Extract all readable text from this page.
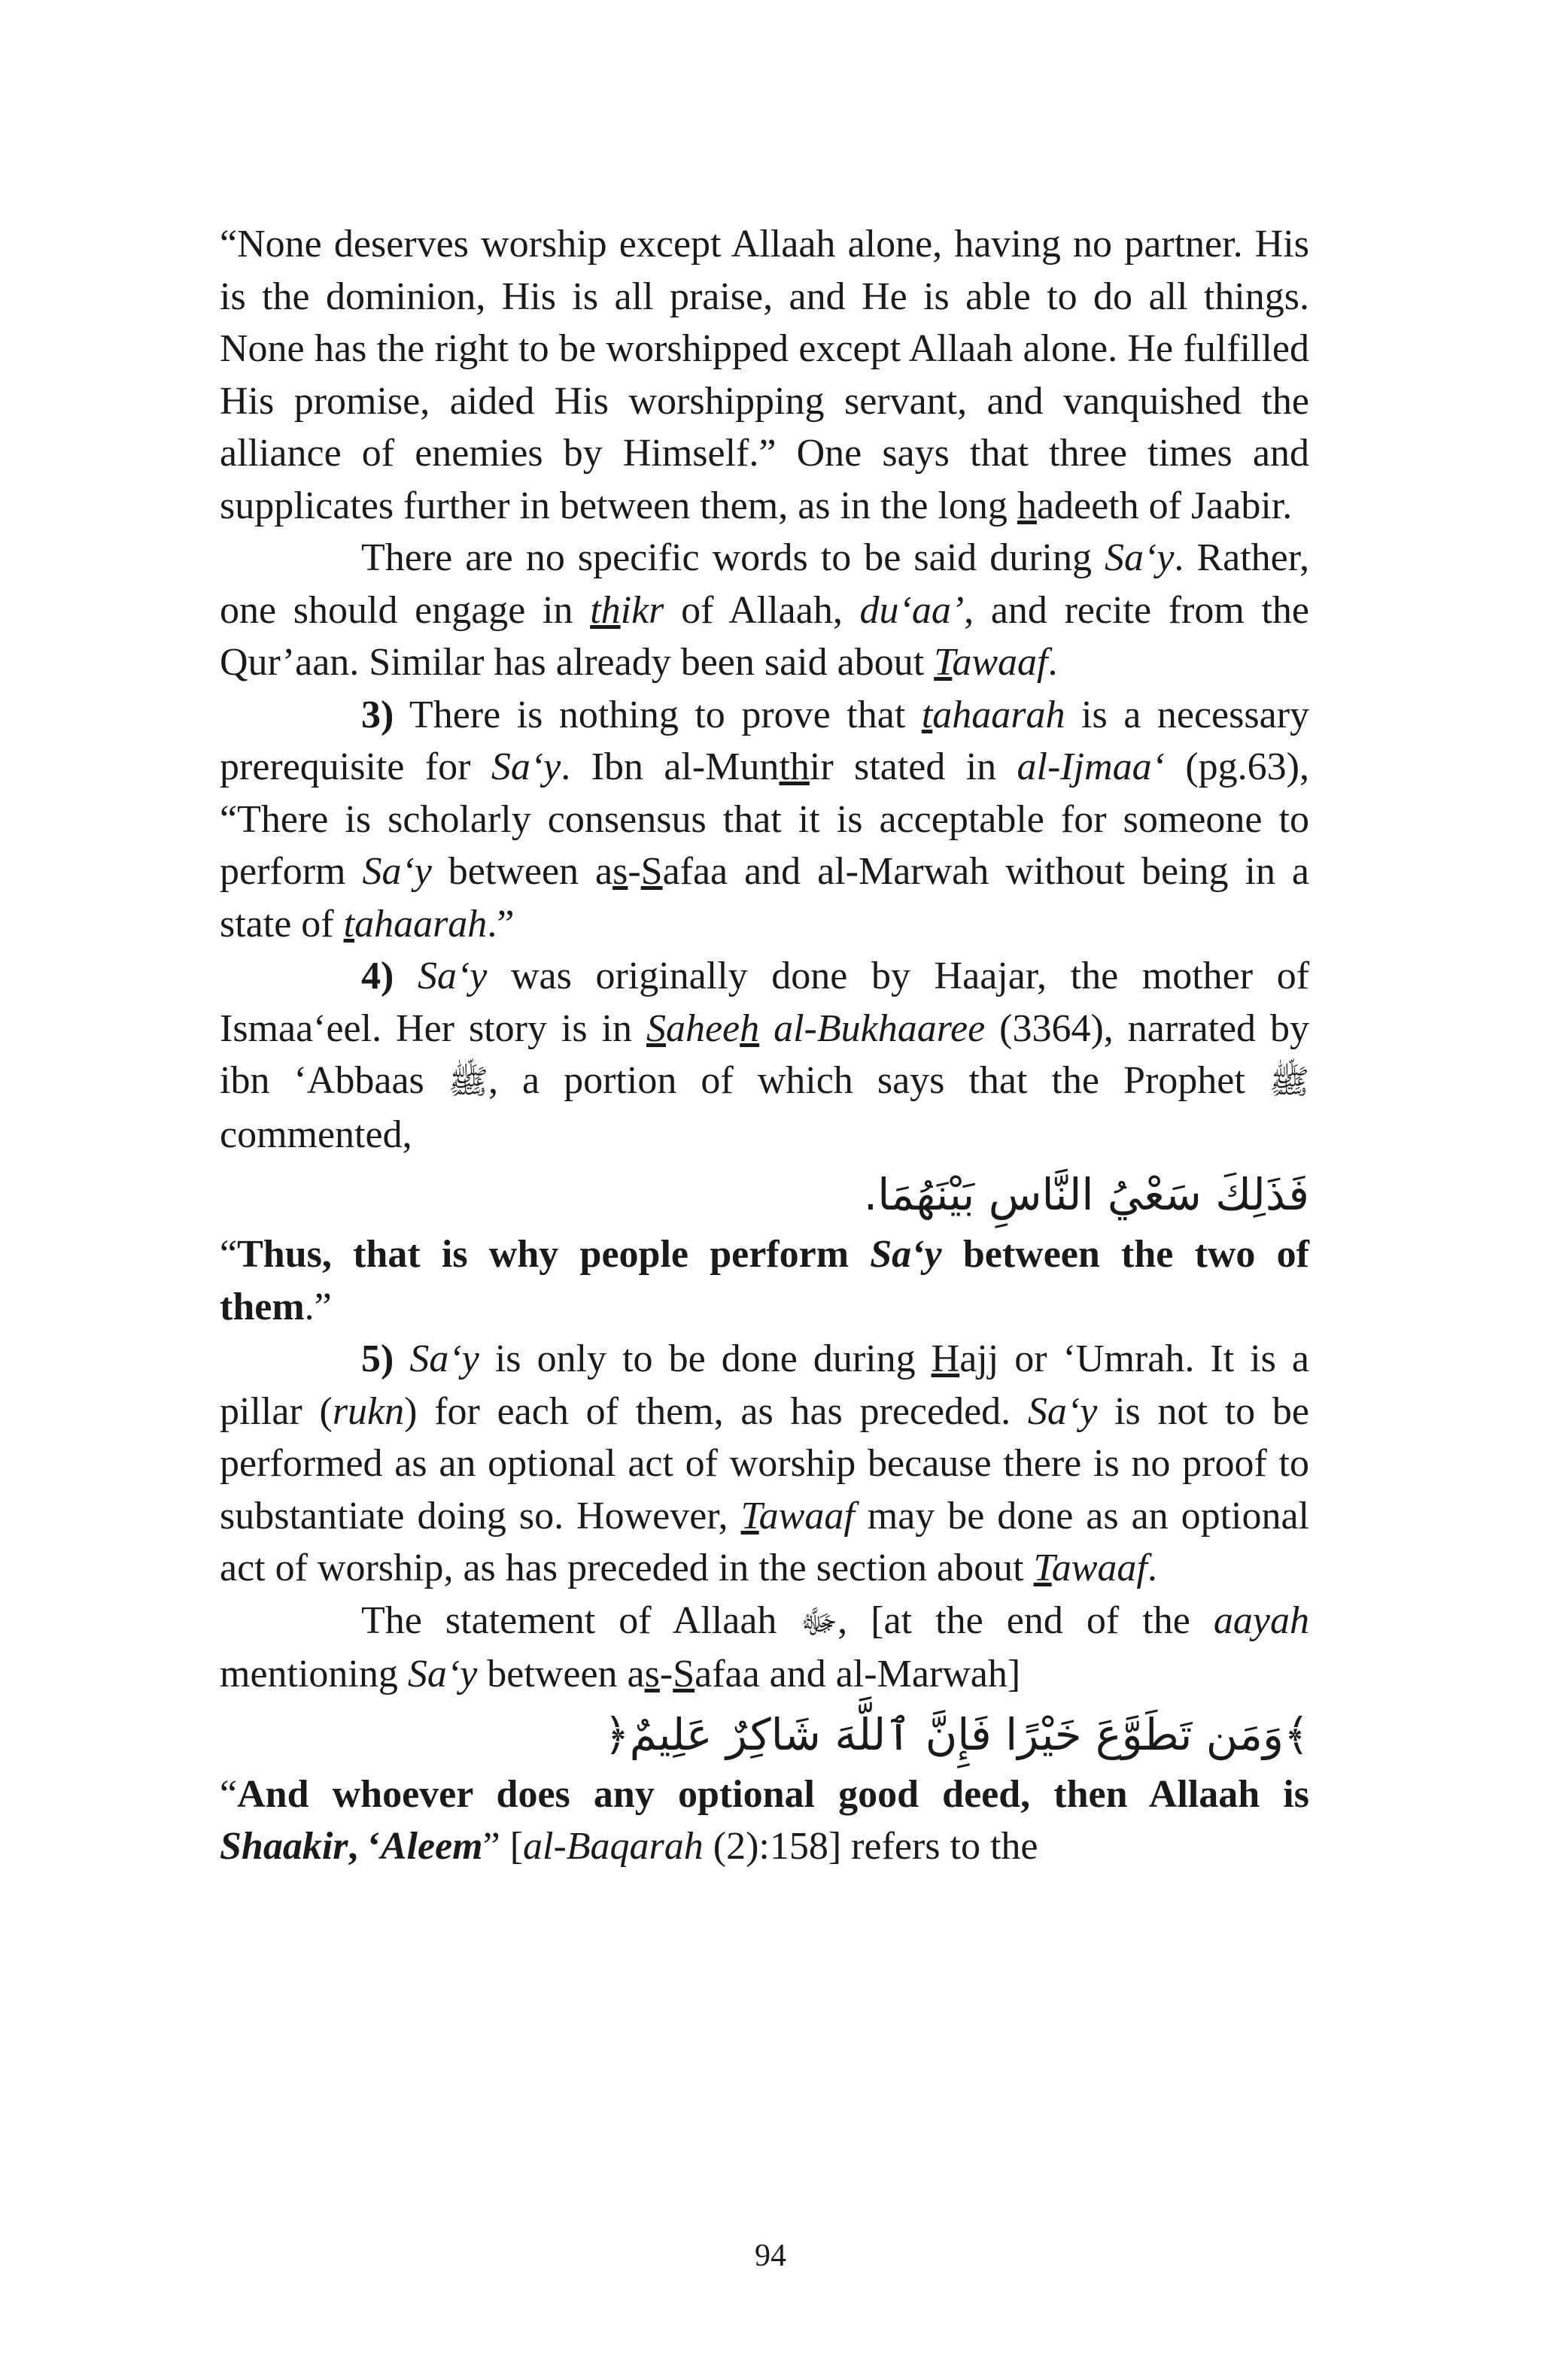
“None deserves worship except Allaah alone, having no partner. His is the dominion, His is all praise, and He is able to do all things. None has the right to be worshipped except Allaah alone. He fulfilled His promise, aided His worshipping servant, and vanquished the alliance of enemies by Himself.” One says that three times and supplicates further in between them, as in the long hadeeth of Jaabir.

There are no specific words to be said during Sa‘y. Rather, one should engage in thikr of Allaah, du‘aa’, and recite from the Qur’aan. Similar has already been said about Tawaaf.

3) There is nothing to prove that tahaarah is a necessary prerequisite for Sa‘y. Ibn al-Munthir stated in al-Ijmaa‘ (pg.63), “There is scholarly consensus that it is acceptable for someone to perform Sa‘y between as-Safaa and al-Marwah without being in a state of tahaarah.”

4) Sa‘y was originally done by Haajar, the mother of Ismaa‘eel. Her story is in Saheeh al-Bukhaaree (3364), narrated by ibn ‘Abbaas ﷺ, a portion of which says that the Prophet ﷺ commented,

فَذَلِكَ سَعْيُ النَّاسِ بَيْنَهُمَا.

“Thus, that is why people perform Sa‘y between the two of them.”

5) Sa‘y is only to be done during Hajj or ‘Umrah. It is a pillar (rukn) for each of them, as has preceded. Sa‘y is not to be performed as an optional act of worship because there is no proof to substantiate doing so. However, Tawaaf may be done as an optional act of worship, as has preceded in the section about Tawaaf.

The statement of Allaah ﷻ, [at the end of the aayah mentioning Sa‘y between as-Safaa and al-Marwah]

﴾وَمَن تَطَوَّعَ خَيْرًا فَإِنَّ ٱللَّهَ شَاكِرٌ عَلِيمٌ﴿

“And whoever does any optional good deed, then Allaah is Shaakir, ‘Aleem” [al-Baqarah (2):158] refers to the

94
